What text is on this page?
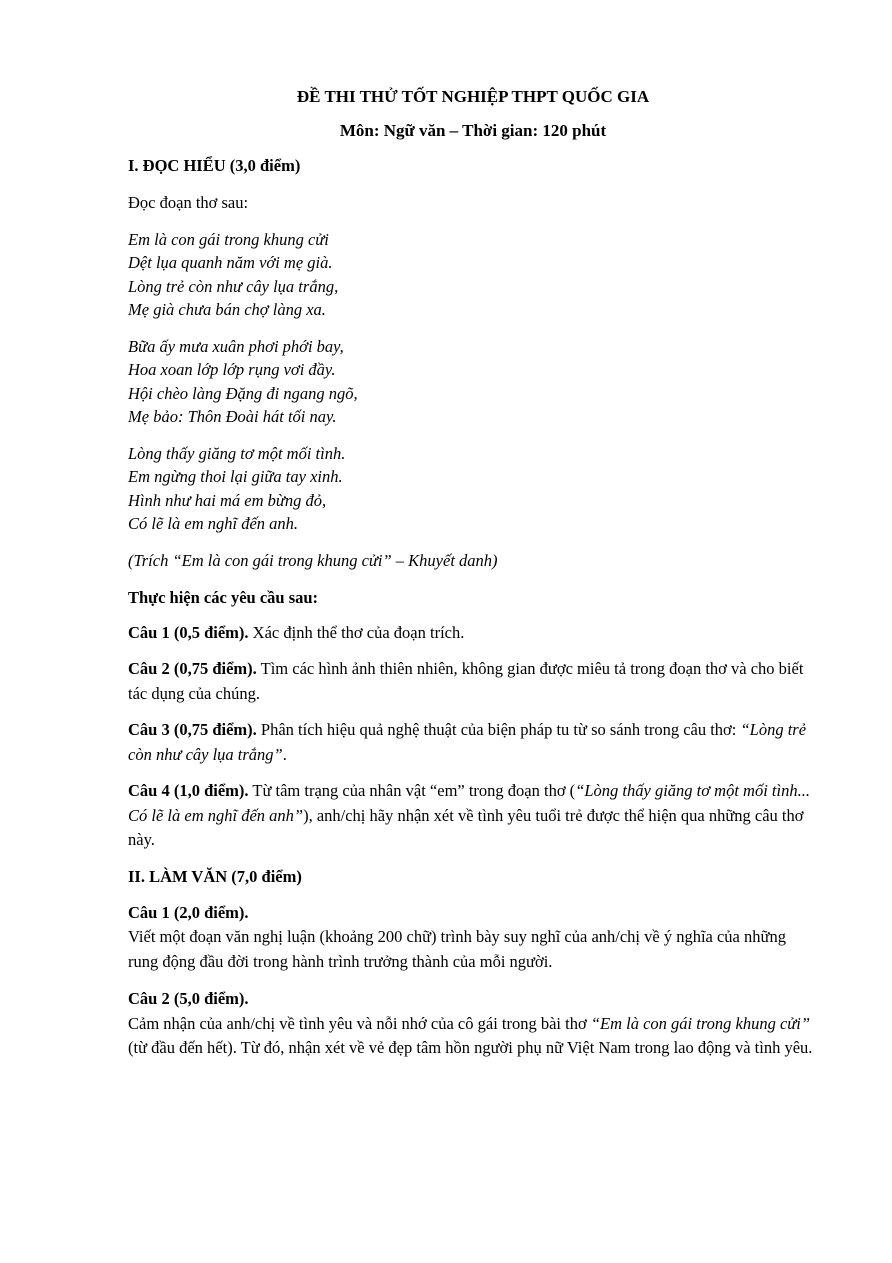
ĐỀ THI THỬ TỐT NGHIỆP THPT QUỐC GIA

Môn: Ngữ văn – Thời gian: 120 phút

I. ĐỌC HIỂU (3,0 điểm)

Đọc đoạn thơ sau:

Em là con gái trong khung cửi
Dệt lụa quanh năm với mẹ già.
Lòng trẻ còn như cây lụa trắng,
Mẹ già chưa bán chợ làng xa.
Bữa ấy mưa xuân phơi phới bay,
Hoa xoan lớp lớp rụng vơi đầy.
Hội chèo làng Đặng đi ngang ngõ,
Mẹ bảo: Thôn Đoài hát tối nay.
Lòng thấy giăng tơ một mối tình.
Em ngừng thoi lại giữa tay xinh.
Hình như hai má em bừng đỏ,
Có lẽ là em nghĩ đến anh.

(Trích “Em là con gái trong khung cửi” – Khuyết danh)

Thực hiện các yêu cầu sau:

Câu 1 (0,5 điểm). Xác định thể thơ của đoạn trích.

Câu 2 (0,75 điểm). Tìm các hình ảnh thiên nhiên, không gian được miêu tả trong đoạn thơ và cho biết tác dụng của chúng.

Câu 3 (0,75 điểm). Phân tích hiệu quả nghệ thuật của biện pháp tu từ so sánh trong câu thơ: “Lòng trẻ còn như cây lụa trắng”.

Câu 4 (1,0 điểm). Từ tâm trạng của nhân vật “em” trong đoạn thơ (“Lòng thấy giăng tơ một mối tình... Có lẽ là em nghĩ đến anh”), anh/chị hãy nhận xét về tình yêu tuổi trẻ được thể hiện qua những câu thơ này.

II. LÀM VĂN (7,0 điểm)

Câu 1 (2,0 điểm).
Viết một đoạn văn nghị luận (khoảng 200 chữ) trình bày suy nghĩ của anh/chị về ý nghĩa của những rung động đầu đời trong hành trình trưởng thành của mỗi người.

Câu 2 (5,0 điểm).
Cảm nhận của anh/chị về tình yêu và nỗi nhớ của cô gái trong bài thơ “Em là con gái trong khung cửi” (từ đầu đến hết). Từ đó, nhận xét về vẻ đẹp tâm hồn người phụ nữ Việt Nam trong lao động và tình yêu.
